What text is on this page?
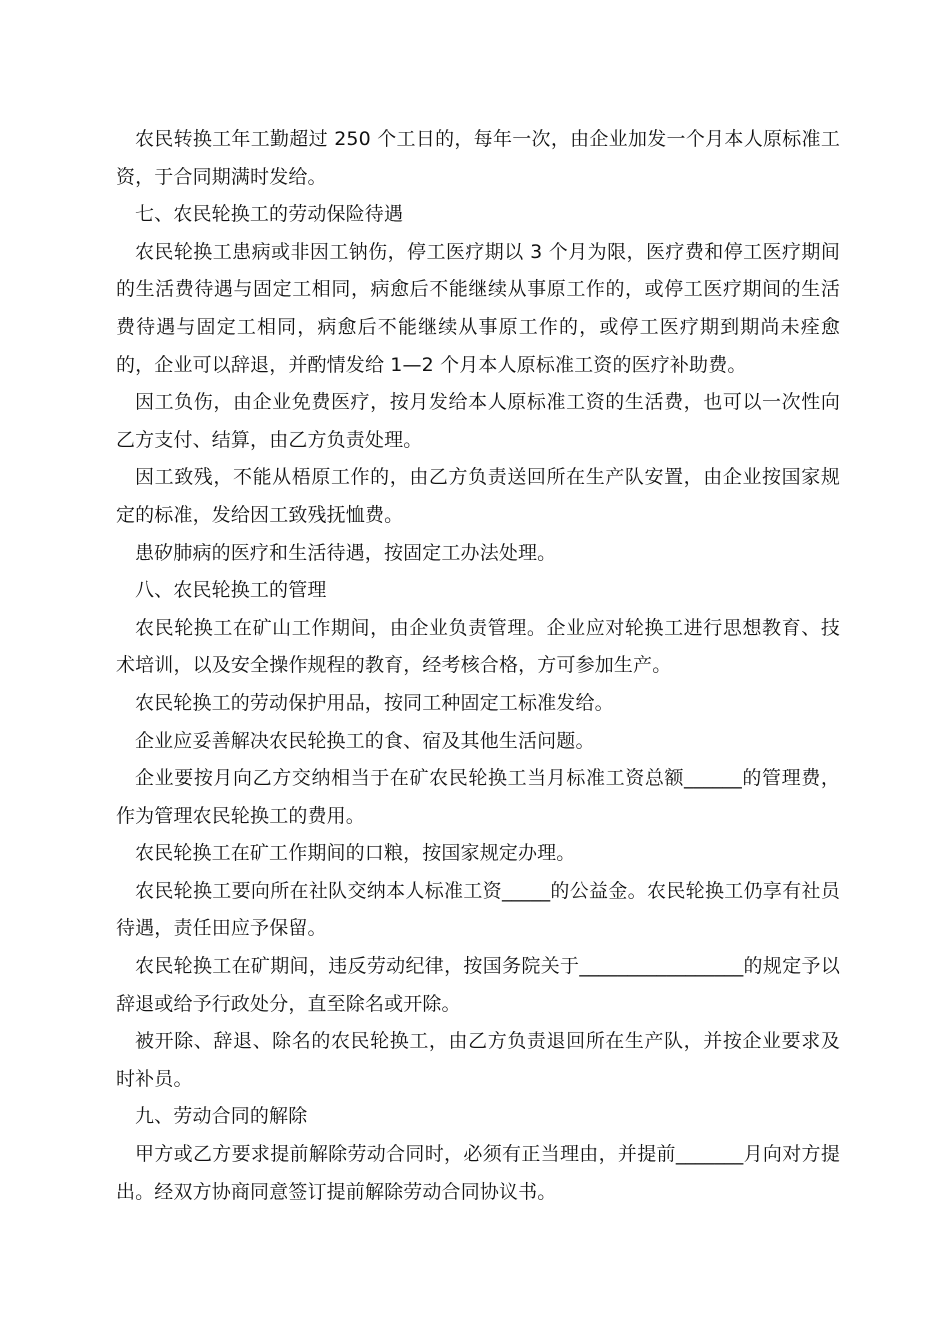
农民转换工年工勤超过 250 个工日的，每年一次，由企业加发一个月本人原标准工资，于合同期满时发给。

七、农民轮换工的劳动保险待遇

农民轮换工患病或非因工钠伤，停工医疗期以 3 个月为限，医疗费和停工医疗期间的生活费待遇与固定工相同，病愈后不能继续从事原工作的，或停工医疗期间的生活费待遇与固定工相同，病愈后不能继续从事原工作的，或停工医疗期到期尚未痊愈的，企业可以辞退，并酌情发给 1—2 个月本人原标准工资的医疗补助费。

因工负伤，由企业免费医疗，按月发给本人原标准工资的生活费，也可以一次性向乙方支付、结算，由乙方负责处理。

因工致残，不能从梧原工作的，由乙方负责送回所在生产队安置，由企业按国家规定的标准，发给因工致残抚恤费。

患矽肺病的医疗和生活待遇，按固定工办法处理。

八、农民轮换工的管理

农民轮换工在矿山工作期间，由企业负责管理。企业应对轮换工进行思想教育、技术培训，以及安全操作规程的教育，经考核合格，方可参加生产。

农民轮换工的劳动保护用品，按同工种固定工标准发给。

企业应妥善解决农民轮换工的食、宿及其他生活问题。

企业要按月向乙方交纳相当于在矿农民轮换工当月标准工资总额______的管理费，作为管理农民轮换工的费用。

农民轮换工在矿工作期间的口粮，按国家规定办理。

农民轮换工要向所在社队交纳本人标准工资_____的公益金。农民轮换工仍享有社员待遇，责任田应予保留。

农民轮换工在矿期间，违反劳动纪律，按国务院关于_________________的规定予以辞退或给予行政处分，直至除名或开除。

被开除、辞退、除名的农民轮换工，由乙方负责退回所在生产队，并按企业要求及时补员。

九、劳动合同的解除

甲方或乙方要求提前解除劳动合同时，必须有正当理由，并提前_______月向对方提出。经双方协商同意签订提前解除劳动合同协议书。
